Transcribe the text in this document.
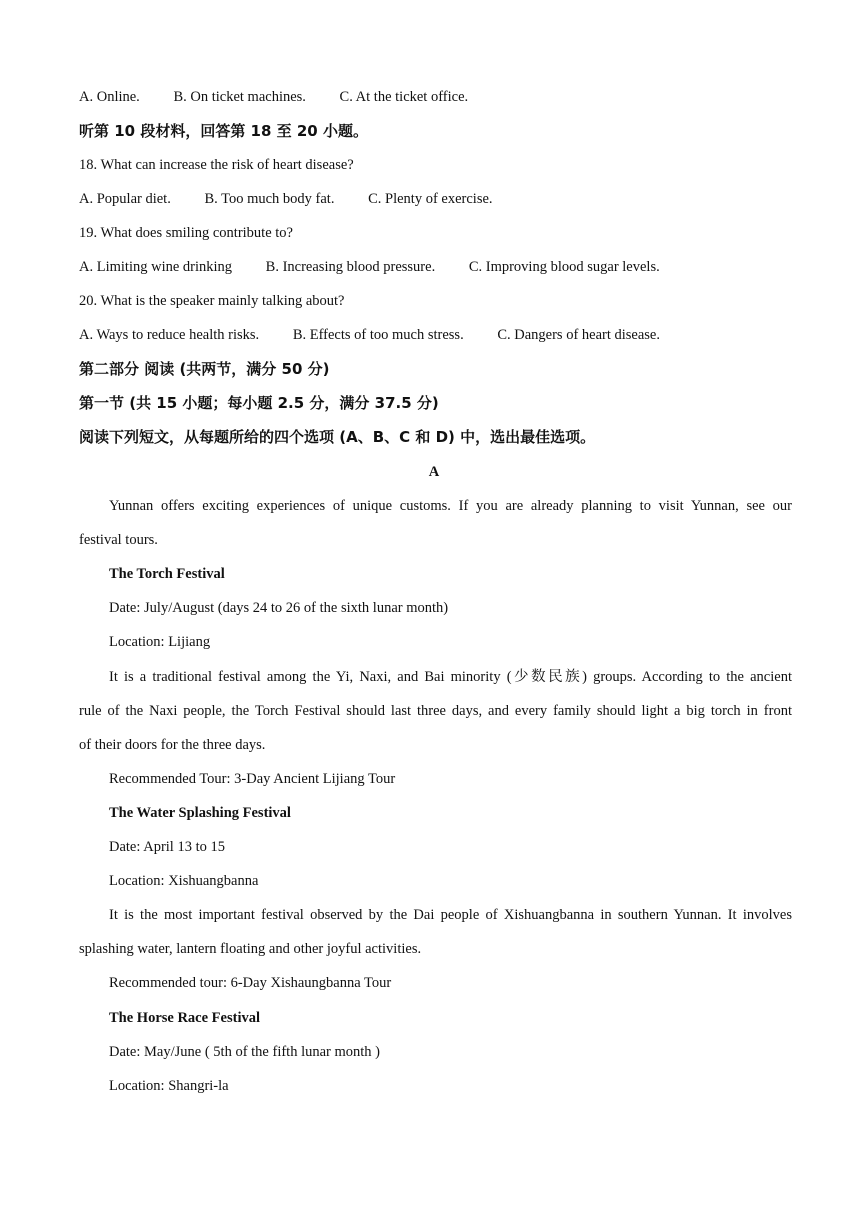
A. Online. B. On ticket machines. C. At the ticket office.
听第 10 段材料，回答第 18 至 20 小题。
18. What can increase the risk of heart disease?
A. Popular diet. B. Too much body fat. C. Plenty of exercise.
19. What does smiling contribute to?
A. Limiting wine drinking B. Increasing blood pressure. C. Improving blood sugar levels.
20. What is the speaker mainly talking about?
A. Ways to reduce health risks. B. Effects of too much stress. C. Dangers of heart disease.
第二部分 阅读 (共两节，满分 50 分)
第一节 (共 15 小题；每小题 2.5 分，满分 37.5 分)
阅读下列短文，从每题所给的四个选项 (A、B、C 和 D) 中，选出最佳选项。
A
Yunnan offers exciting experiences of unique customs. If you are already planning to visit Yunnan, see our
festival tours.
The Torch Festival
Date: July/August (days 24 to 26 of the sixth lunar month)
Location: Lijiang
It is a traditional festival among the Yi, Naxi, and Bai minority (少数民族) groups. According to the ancient
rule of the Naxi people, the Torch Festival should last three days, and every family should light a big torch in front
of their doors for the three days.
Recommended Tour: 3-Day Ancient Lijiang Tour
The Water Splashing Festival
Date: April 13 to 15
Location: Xishuangbanna
It is the most important festival observed by the Dai people of Xishuangbanna in southern Yunnan. It involves
splashing water, lantern floating and other joyful activities.
Recommended tour: 6-Day Xishaungbanna Tour
The Horse Race Festival
Date: May/June ( 5th of the fifth lunar month )
Location: Shangri-la
